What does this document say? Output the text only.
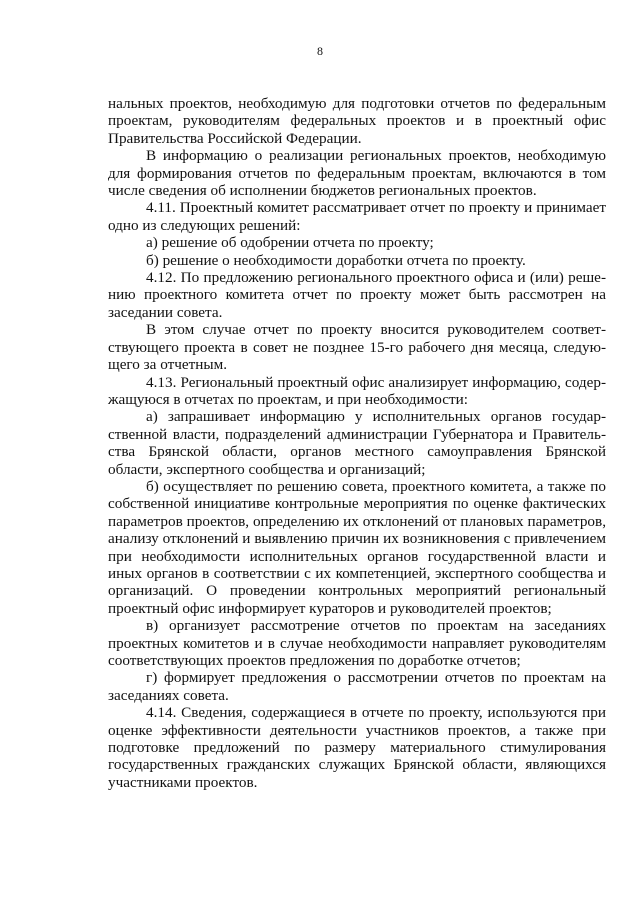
8

нальных проектов, необходимую для подготовки отчетов по федеральным проектам, руководителям федеральных проектов и в проектный офис Правительства Российской Федерации.

В информацию о реализации региональных проектов, необходимую для формирования отчетов по федеральным проектам, включаются в том числе сведения об исполнении бюджетов региональных проектов.

4.11. Проектный комитет рассматривает отчет по проекту и принимает одно из следующих решений:

а) решение об одобрении отчета по проекту;

б) решение о необходимости доработки отчета по проекту.

4.12. По предложению регионального проектного офиса и (или) решению проектного комитета отчет по проекту может быть рассмотрен на заседании совета.

В этом случае отчет по проекту вносится руководителем соответствующего проекта в совет не позднее 15-го рабочего дня месяца, следующего за отчетным.

4.13. Региональный проектный офис анализирует информацию, содержащуюся в отчетах по проектам, и при необходимости:

а) запрашивает информацию у исполнительных органов государственной власти, подразделений администрации Губернатора и Правительства Брянской области, органов местного самоуправления Брянской области, экспертного сообщества и организаций;

б) осуществляет по решению совета, проектного комитета, а также по собственной инициативе контрольные мероприятия по оценке фактических параметров проектов, определению их отклонений от плановых параметров, анализу отклонений и выявлению причин их возникновения с привлечением при необходимости исполнительных органов государственной власти и иных органов в соответствии с их компетенцией, экспертного сообщества и организаций. О проведении контрольных мероприятий региональный проектный офис информирует кураторов и руководителей проектов;

в) организует рассмотрение отчетов по проектам на заседаниях проектных комитетов и в случае необходимости направляет руководителям соответствующих проектов предложения по доработке отчетов;

г) формирует предложения о рассмотрении отчетов по проектам на заседаниях совета.

4.14. Сведения, содержащиеся в отчете по проекту, используются при оценке эффективности деятельности участников проектов, а также при подготовке предложений по размеру материального стимулирования государственных гражданских служащих Брянской области, являющихся участниками проектов.
